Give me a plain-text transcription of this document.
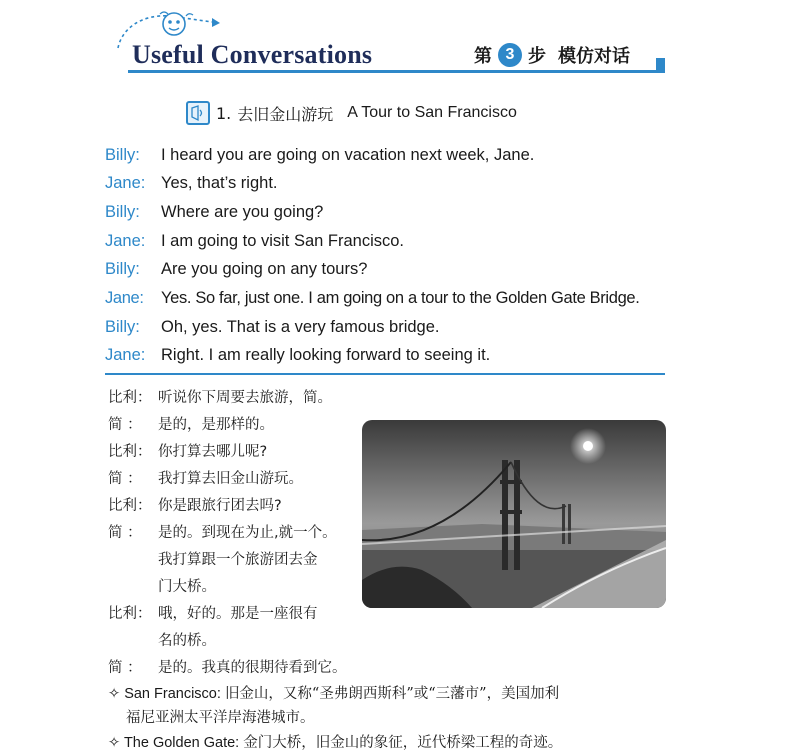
Useful Conversations	第 3 步 模仿对话
1. 去旧金山游玩 A Tour to San Francisco
Billy:	I heard you are going on vacation next week, Jane.
Jane: Yes, that’s right.
Billy:	Where are you going?
Jane: I am going to visit San Francisco.
Billy:	Are you going on any tours?
Jane:	Yes. So far, just one. I am going on a tour to the Golden Gate Bridge.
Billy:	Oh, yes. That is a very famous bridge.
Jane: Right. I am really looking forward to seeing it.
比利： 听说你下周要去旅游，简。
简 ： 是的，是那样的。
比利： 你打算去哪儿呢?
简 ： 我打算去旧金山游玩。
比利： 你是跟旅行团去吗?
简 ： 是的。到现在为止,就一个。
我打算跟一个旅游团去金
门大桥。
比利： 哦，好的。那是一座很有
名的桥。
简 ： 是的。我真的很期待看到它。
✧ San Francisco: 旧金山，又称“圣弗朗西斯科”或“三藩市”，美国加利
福尼亚洲太平洋岸海港城市。
✧ The Golden Gate: 金门大桥，旧金山的象征，近代桥梁工程的奇迹。
